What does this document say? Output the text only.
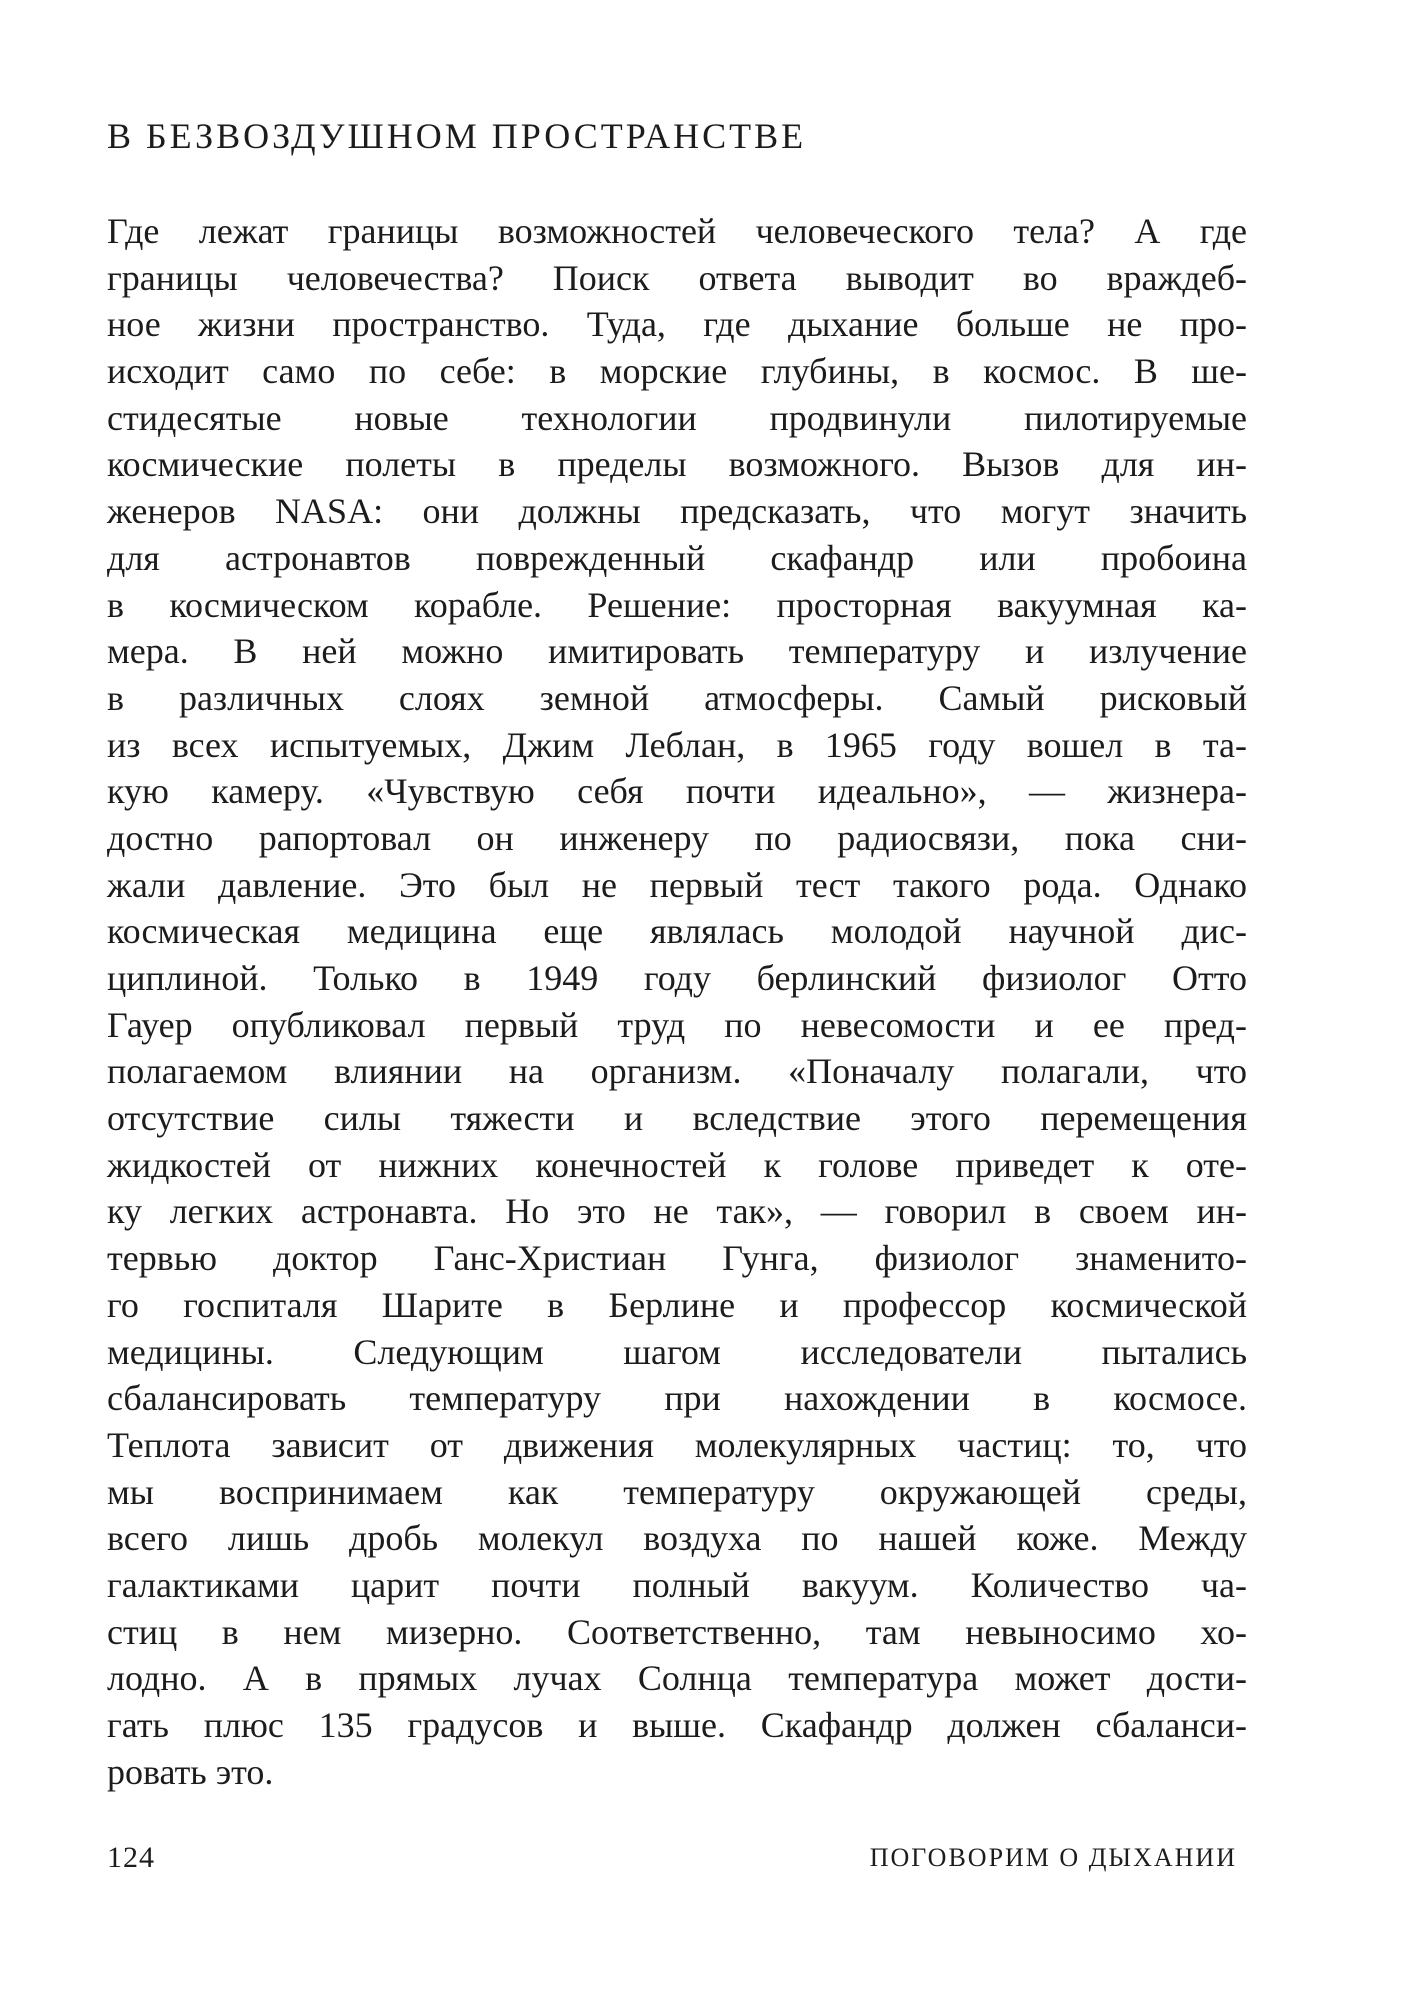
В БЕЗВОЗДУШНОМ ПРОСТРАНСТВЕ
Где лежат границы возможностей человеческого тела? А где
границы человечества? Поиск ответа выводит во враждеб-
ное жизни пространство. Туда, где дыхание больше не про-
исходит само по себе: в морские глубины, в космос. В ше-
стидесятые новые технологии продвинули пилотируемые
космические полеты в пределы возможного. Вызов для ин-
женеров NASA: они должны предсказать, что могут значить
для астронавтов поврежденный скафандр или пробоина
в космическом корабле. Решение: просторная вакуумная ка-
мера. В ней можно имитировать температуру и излучение
в различных слоях земной атмосферы. Самый рисковый
из всех испытуемых, Джим Леблан, в 1965 году вошел в та-
кую камеру. «Чувствую себя почти идеально», — жизнера-
достно рапортовал он инженеру по радиосвязи, пока сни-
жали давление. Это был не первый тест такого рода. Однако
космическая медицина еще являлась молодой научной дис-
циплиной. Только в 1949 году берлинский физиолог Отто
Гауер опубликовал первый труд по невесомости и ее пред-
полагаемом влиянии на организм. «Поначалу полагали, что
отсутствие силы тяжести и вследствие этого перемещения
жидкостей от нижних конечностей к голове приведет к оте-
ку легких астронавта. Но это не так», — говорил в своем ин-
тервью доктор Ганс-Христиан Гунга, физиолог знаменито-
го госпиталя Шарите в Берлине и профессор космической
медицины. Следующим шагом исследователи пытались
сбалансировать температуру при нахождении в космосе.
Теплота зависит от движения молекулярных частиц: то, что
мы воспринимаем как температуру окружающей среды,
всего лишь дробь молекул воздуха по нашей коже. Между
галактиками царит почти полный вакуум. Количество ча-
стиц в нем мизерно. Соответственно, там невыносимо хо-
лодно. А в прямых лучах Солнца температура может дости-
гать плюс 135 градусов и выше. Скафандр должен сбаланси-
ровать это.
124	ПОГОВОРИМ О ДЫХАНИИ
